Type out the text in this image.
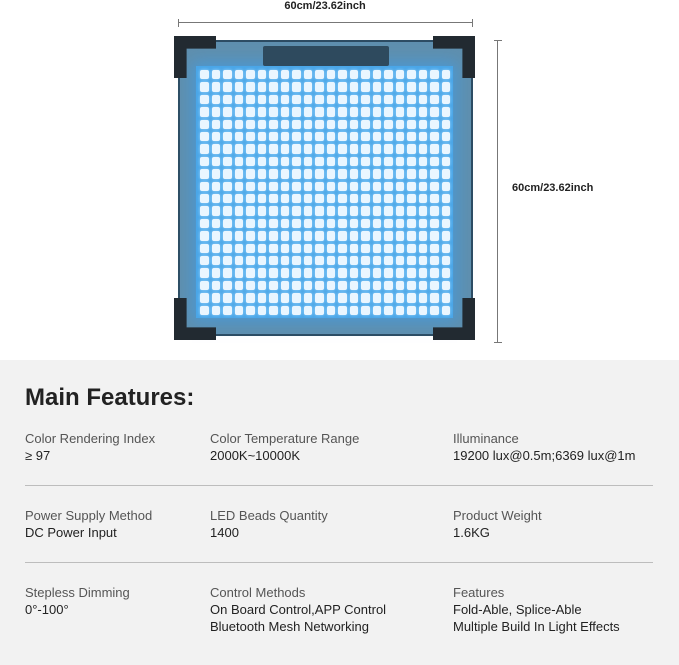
60cm/23.62inch
60cm/23.62inch
Main Features:
Color Rendering Index
≥ 97
Color Temperature Range
2000K~10000K
Illuminance
19200 lux@0.5m;6369 lux@1m
Power Supply Method
DC Power Input
LED Beads Quantity
1400
Product Weight
1.6KG
Stepless Dimming
0°-100°
Control Methods
On Board Control,APP Control
Bluetooth Mesh Networking
Features
Fold-Able, Splice-Able
Multiple Build In Light Effects
